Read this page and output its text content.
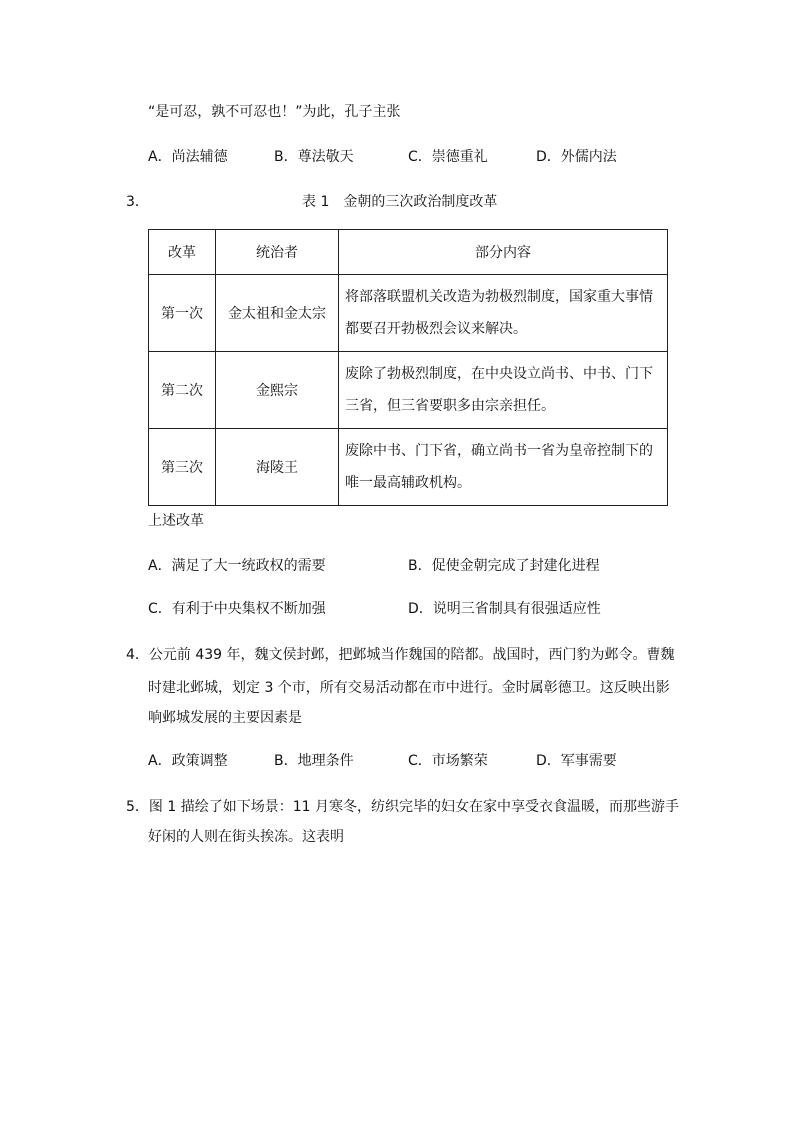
“是可忍，孰不可忍也！”为此，孔子主张
A．尚法辅德	B．尊法敬天	C．崇德重礼	D．外儒内法
3．	表 1　金朝的三次政治制度改革
改革	统治者	部分内容
第一次	金太祖和金太宗	将部落联盟机关改造为勃极烈制度，国家重大事情都要召开勃极烈会议来解决。
第二次	金熙宗	废除了勃极烈制度，在中央设立尚书、中书、门下三省，但三省要职多由宗亲担任。
第三次	海陵王	废除中书、门下省，确立尚书一省为皇帝控制下的唯一最高辅政机构。
上述改革
A．满足了大一统政权的需要	B．促使金朝完成了封建化进程
C．有利于中央集权不断加强	D．说明三省制具有很强适应性
4．公元前 439 年，魏文侯封邺，把邺城当作魏国的陪都。战国时，西门豹为邺令。曹魏
时建北邺城，划定 3 个市，所有交易活动都在市中进行。金时属彰德卫。这反映出影
响邺城发展的主要因素是
A．政策调整	B．地理条件	C．市场繁荣	D．军事需要
5．图 1 描绘了如下场景：11 月寒冬，纺织完毕的妇女在家中享受衣食温暖，而那些游手
好闲的人则在街头挨冻。这表明
